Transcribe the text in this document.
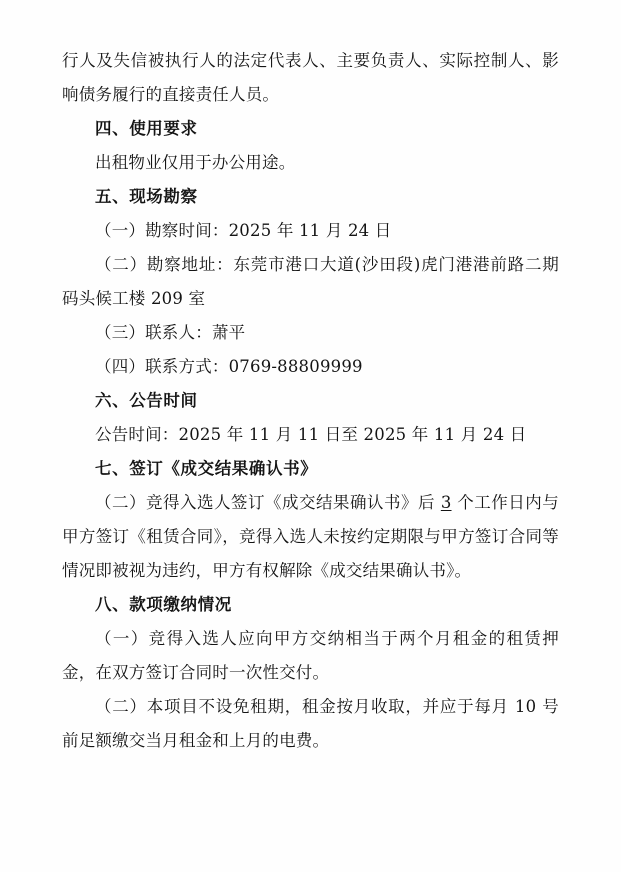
行人及失信被执行人的法定代表人、主要负责人、实际控制人、影响债务履行的直接责任人员。

四、使用要求

出租物业仅用于办公用途。

五、现场勘察

（一）勘察时间：2025 年 11 月 24 日

（二）勘察地址：东莞市港口大道(沙田段)虎门港港前路二期码头候工楼 209 室

（三）联系人：萧平

（四）联系方式：0769-88809999

六、公告时间

公告时间：2025 年 11 月 11 日至 2025 年 11 月 24 日

七、签订《成交结果确认书》

（二）竞得入选人签订《成交结果确认书》后 3 个工作日内与甲方签订《租赁合同》，竞得入选人未按约定期限与甲方签订合同等情况即被视为违约，甲方有权解除《成交结果确认书》。

八、款项缴纳情况

（一）竞得入选人应向甲方交纳相当于两个月租金的租赁押金，在双方签订合同时一次性交付。

（二）本项目不设免租期，租金按月收取，并应于每月 10 号前足额缴交当月租金和上月的电费。
